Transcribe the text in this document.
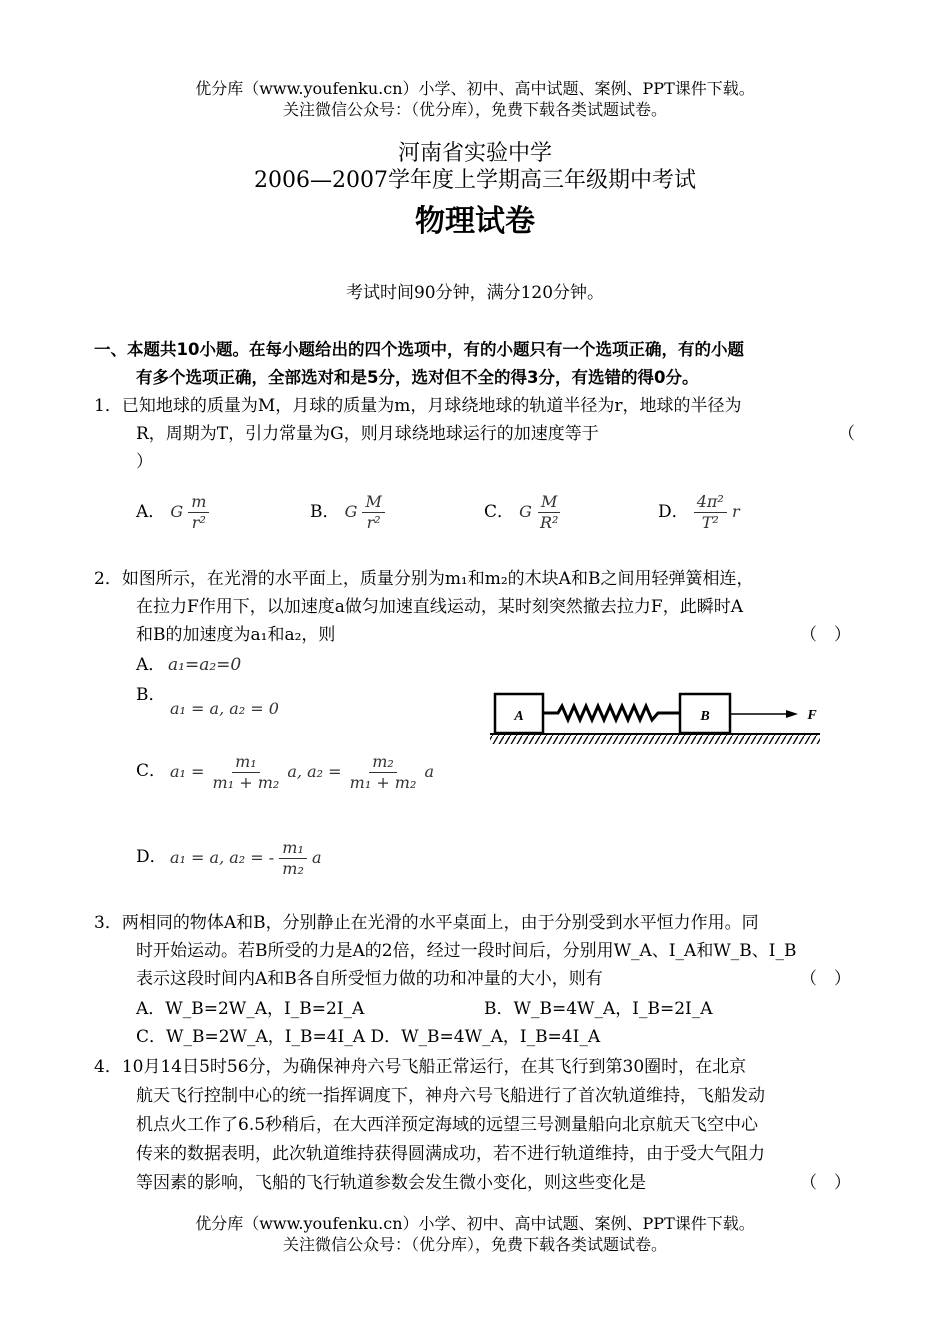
优分库（www.youfenku.cn）小学、初中、高中试题、案例、PPT课件下载。
关注微信公众号：（优分库），免费下载各类试题试卷。
河南省实验中学
2006—2007学年度上学期高三年级期中考试
物理试卷
考试时间90分钟，满分120分钟。
一、本题共10小题。在每小题给出的四个选项中，有的小题只有一个选项正确，有的小题
有多个选项正确，全部选对和是5分，选对但不全的得3分，有选错的得0分。
1．已知地球的质量为M，月球的质量为m，月球绕地球的轨道半径为r，地球的半径为
R，周期为T，引力常量为G，则月球绕地球运行的加速度等于	（
）
A． G $\frac{m}{\text{r²}}$	B． G $\frac{M}{\text{r²}}$	C． G $\frac{M}{\text{R²}}$	D． $\frac{\text{4π²}}{\text{T²}}$ r
2．如图所示，在光滑的水平面上，质量分别为m₁和m₂的木块A和B之间用轻弹簧相连，
在拉力F作用下，以加速度a做匀加速直线运动，某时刻突然撤去拉力F，此瞬时A
和B的加速度为a₁和a₂，则	（　）
A． a₁=a₂=0
B．
a₁ = a, a₂ = 0
C． $a_1 = \frac{\text{m₁}}{\text{m₁ + m₂}} a$, $a_2 = \frac{\text{m₂}}{\text{m₁ + m₂}}$ a
D． a₁ = a, a₂ = - $\frac{\text{m₁}}{\text{m₂}}$ a
A	B	F
3．两相同的物体A和B，分别静止在光滑的水平桌面上，由于分别受到水平恒力作用。同
时开始运动。若B所受的力是A的2倍，经过一段时间后，分别用W_A、I_A和W_B、I_B
表示这段时间内A和B各自所受恒力做的功和冲量的大小，则有	（　）
A．W_B=2W_A，I_B=2I_A	B．W_B=4W_A，I_B=2I_A
C．W_B=2W_A，I_B=4I_A D．W_B=4W_A，I_B=4I_A
4．10月14日5时56分，为确保神舟六号飞船正常运行，在其飞行到第30圈时，在北京
航天飞行控制中心的统一指挥调度下，神舟六号飞船进行了首次轨道维持，飞船发动
机点火工作了6.5秒稍后，在大西洋预定海域的远望三号测量船向北京航天飞空中心
传来的数据表明，此次轨道维持获得圆满成功，若不进行轨道维持，由于受大气阻力
等因素的影响，飞船的飞行轨道参数会发生微小变化，则这些变化是	（　）
优分库（www.youfenku.cn）小学、初中、高中试题、案例、PPT课件下载。
关注微信公众号：（优分库），免费下载各类试题试卷。
